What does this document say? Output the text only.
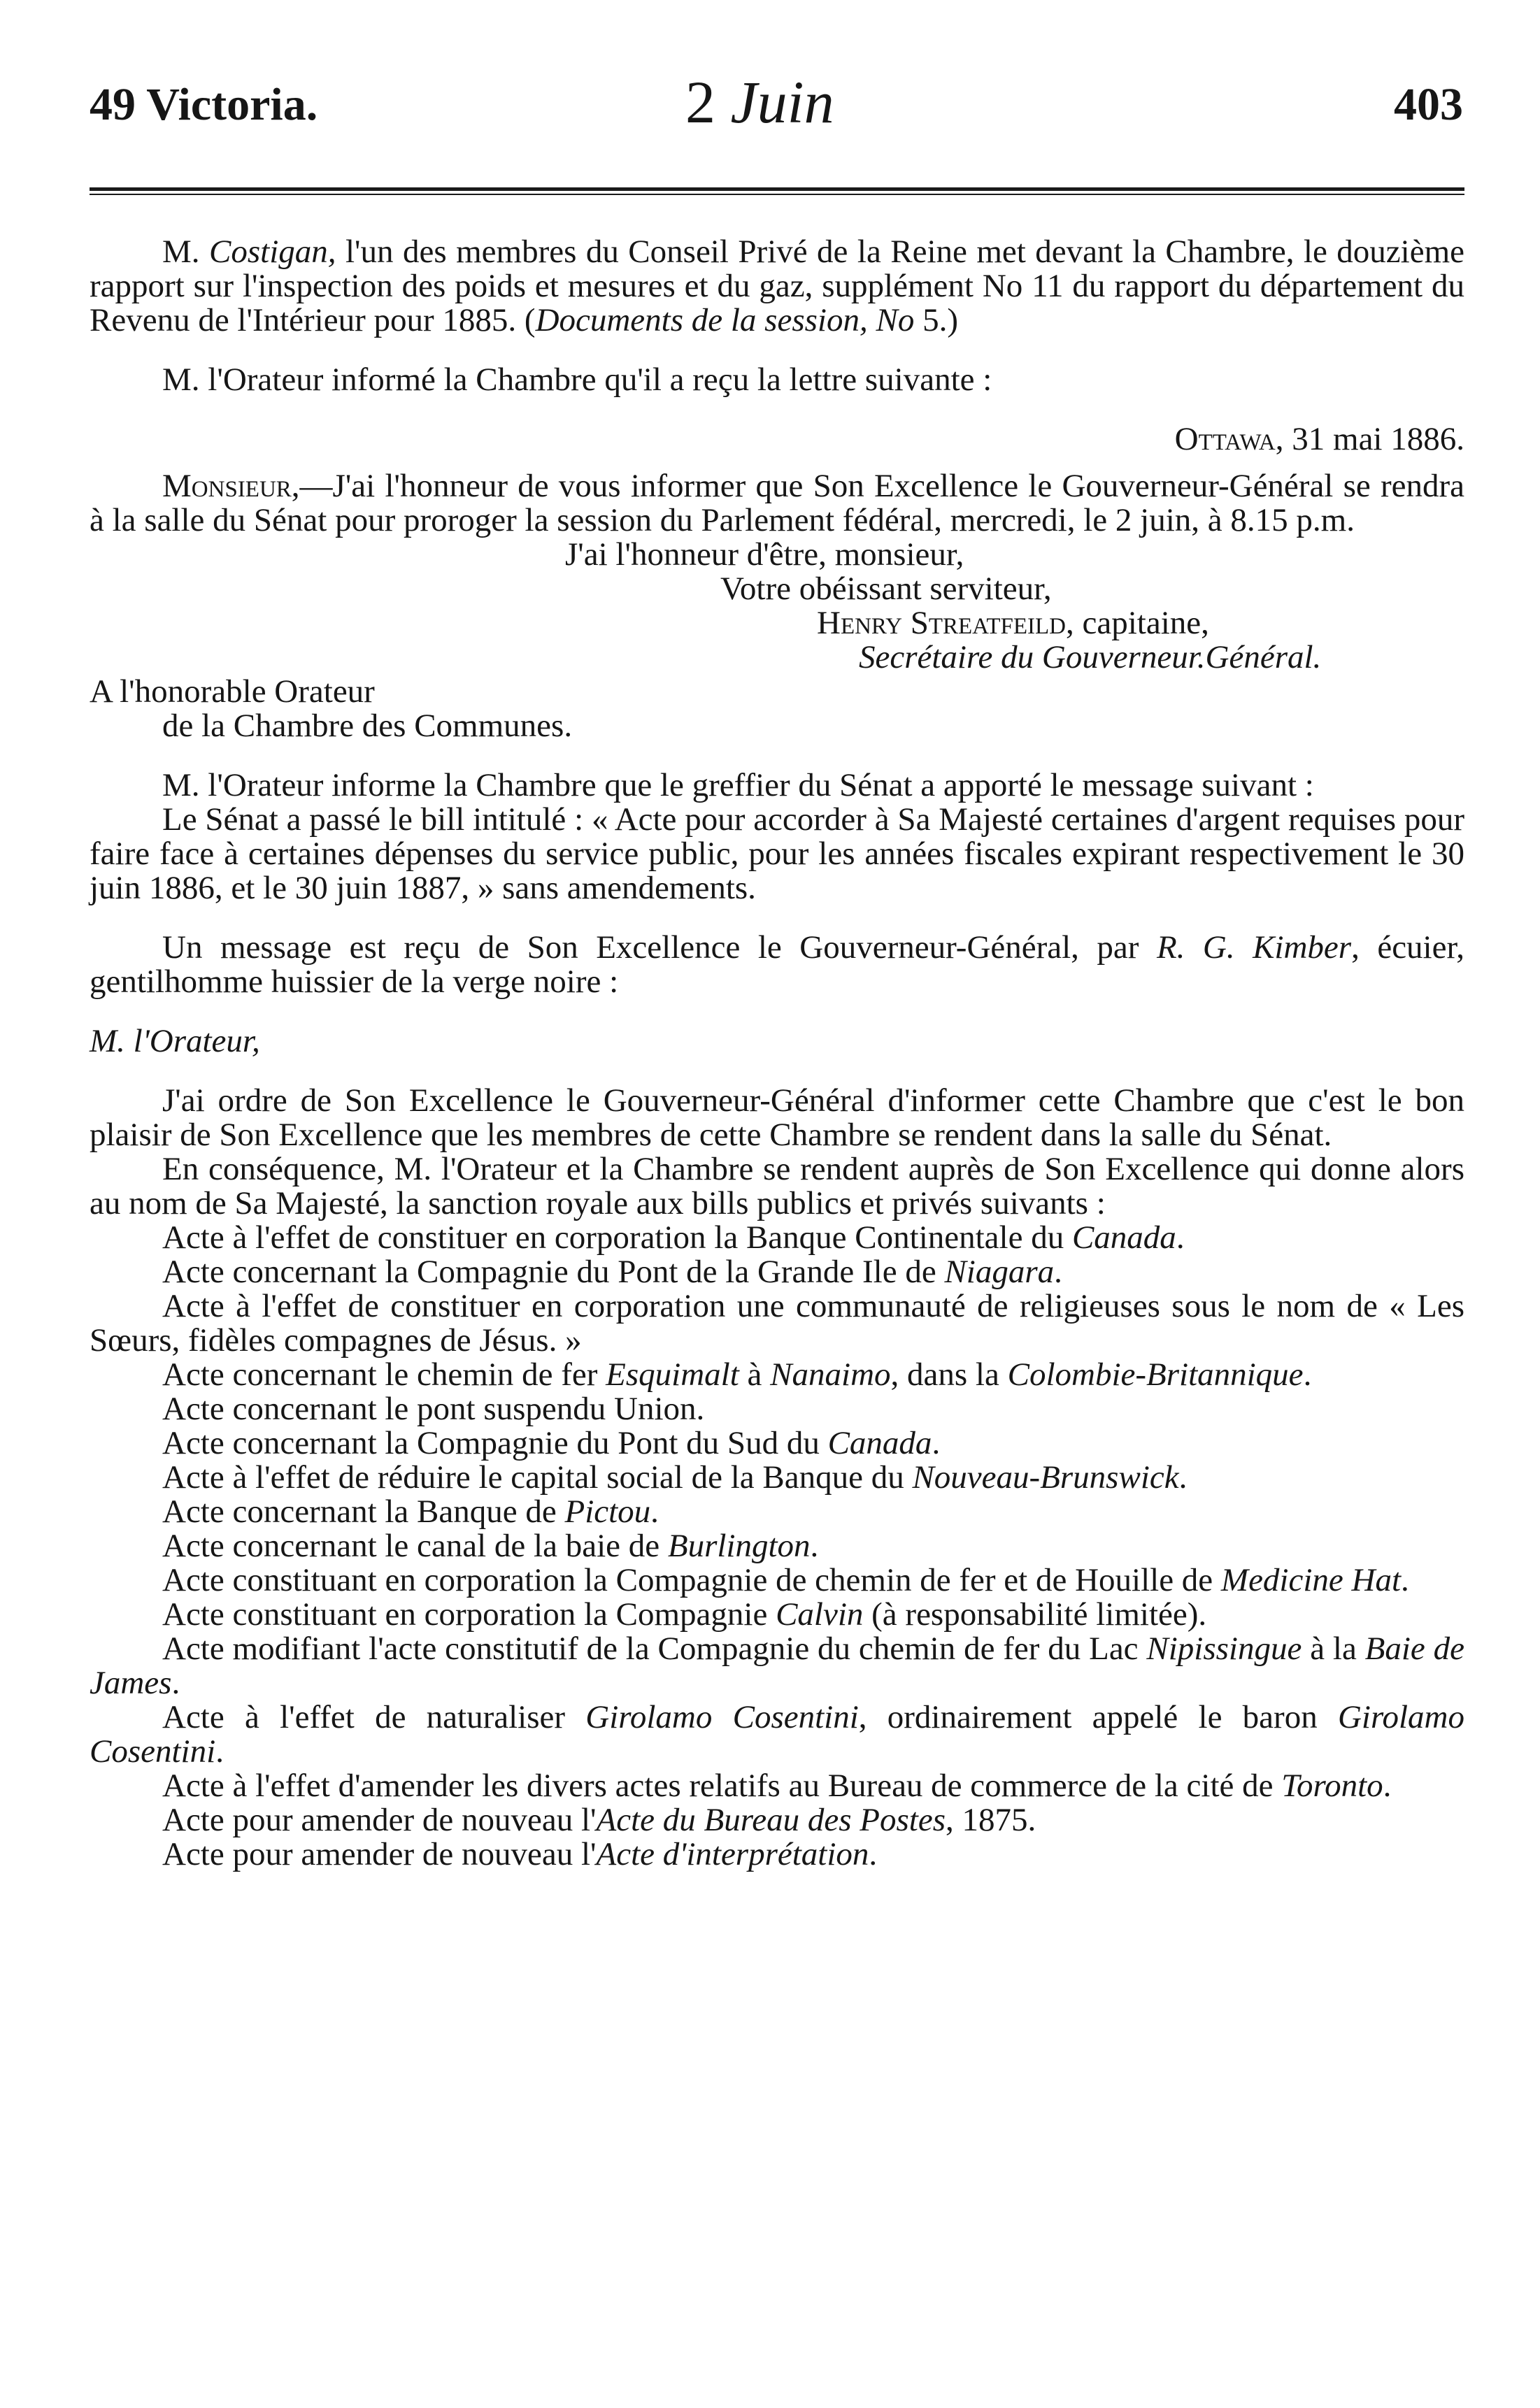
49 Victoria.	2 Juin	403

M. Costigan, l'un des membres du Conseil Privé de la Reine met devant la Chambre, le douzième rapport sur l'inspection des poids et mesures et du gaz, supplément No 11 du rapport du département du Revenu de l'Intérieur pour 1885. (Documents de la session, No 5.)

M. l'Orateur informé la Chambre qu'il a reçu la lettre suivante :

Ottawa, 31 mai 1886.

Monsieur,—J'ai l'honneur de vous informer que Son Excellence le Gouverneur-Général se rendra à la salle du Sénat pour proroger la session du Parlement fédéral, mercredi, le 2 juin, à 8.15 p.m.

J'ai l'honneur d'être, monsieur,

Votre obéissant serviteur,

Henry Streatfeild, capitaine,

Secrétaire du Gouverneur.Général.

A l'honorable Orateur

de la Chambre des Communes.

M. l'Orateur informe la Chambre que le greffier du Sénat a apporté le message suivant :

Le Sénat a passé le bill intitulé : « Acte pour accorder à Sa Majesté certaines d'argent requises pour faire face à certaines dépenses du service public, pour les années fiscales expirant respectivement le 30 juin 1886, et le 30 juin 1887, » sans amendements.

Un message est reçu de Son Excellence le Gouverneur-Général, par R. G. Kimber, écuier, gentilhomme huissier de la verge noire :

M. l'Orateur,

J'ai ordre de Son Excellence le Gouverneur-Général d'informer cette Chambre que c'est le bon plaisir de Son Excellence que les membres de cette Chambre se rendent dans la salle du Sénat.

En conséquence, M. l'Orateur et la Chambre se rendent auprès de Son Excellence qui donne alors au nom de Sa Majesté, la sanction royale aux bills publics et privés suivants :

Acte à l'effet de constituer en corporation la Banque Continentale du Canada.

Acte concernant la Compagnie du Pont de la Grande Ile de Niagara.

Acte à l'effet de constituer en corporation une communauté de religieuses sous le nom de « Les Sœurs, fidèles compagnes de Jésus. »

Acte concernant le chemin de fer Esquimalt à Nanaimo, dans la Colombie-Britannique.

Acte concernant le pont suspendu Union.

Acte concernant la Compagnie du Pont du Sud du Canada.

Acte à l'effet de réduire le capital social de la Banque du Nouveau-Brunswick.

Acte concernant la Banque de Pictou.

Acte concernant le canal de la baie de Burlington.

Acte constituant en corporation la Compagnie de chemin de fer et de Houille de Medicine Hat.

Acte constituant en corporation la Compagnie Calvin (à responsabilité limitée).

Acte modifiant l'acte constitutif de la Compagnie du chemin de fer du Lac Nipissingue à la Baie de James.

Acte à l'effet de naturaliser Girolamo Cosentini, ordinairement appelé le baron Girolamo Cosentini.

Acte à l'effet d'amender les divers actes relatifs au Bureau de commerce de la cité de Toronto.

Acte pour amender de nouveau l'Acte du Bureau des Postes, 1875.

Acte pour amender de nouveau l'Acte d'interprétation.
